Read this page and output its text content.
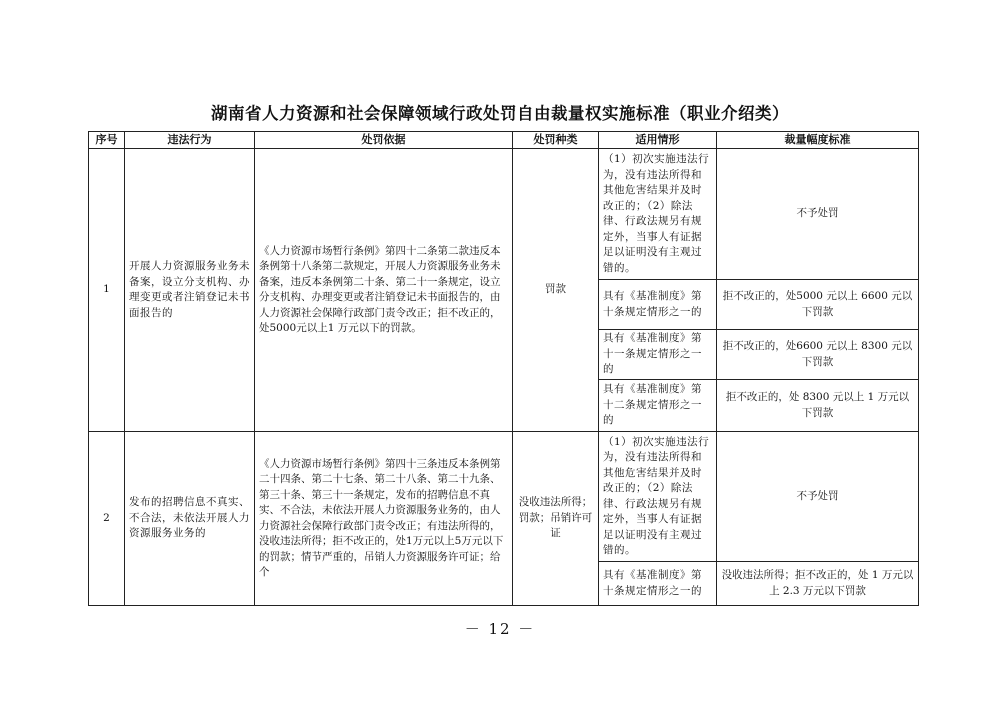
湖南省人力资源和社会保障领域行政处罚自由裁量权实施标准（职业介绍类）
序号	违法行为	处罚依据	处罚种类	适用情形	裁量幅度标准
1	开展人力资源服务业务未备案，设立分支机构、办理变更或者注销登记未书面报告的	《人力资源市场暂行条例》第四十二条第二款违反本条例第十八条第二款规定，开展人力资源服务业务未备案，违反本条例第二十条、第二十一条规定，设立分支机构、办理变更或者注销登记未书面报告的，由人力资源社会保障行政部门责令改正；拒不改正的，处5000元以上1 万元以下的罚款。	罚款	（1）初次实施违法行为，没有违法所得和其他危害结果并及时改正的；（2）除法律、行政法规另有规定外，当事人有证据足以证明没有主观过错的。	不予处罚
				具有《基准制度》第十条规定情形之一的	拒不改正的，处5000 元以上 6600 元以下罚款
				具有《基准制度》第十一条规定情形之一的	拒不改正的，处6600 元以上 8300 元以下罚款
				具有《基准制度》第十二条规定情形之一的	拒不改正的，处 8300 元以上 1 万元以下罚款
2	发布的招聘信息不真实、不合法，未依法开展人力资源服务业务的	《人力资源市场暂行条例》第四十三条违反本条例第二十四条、第二十七条、第二十八条、第二十九条、第三十条、第三十一条规定，发布的招聘信息不真实、不合法，未依法开展人力资源服务业务的，由人力资源社会保障行政部门责令改正；有违法所得的，没收违法所得；拒不改正的，处1万元以上5万元以下的罚款；情节严重的，吊销人力资源服务许可证；给个	没收违法所得；罚款；吊销许可证	（1）初次实施违法行为，没有违法所得和其他危害结果并及时改正的；（2）除法律、行政法规另有规定外，当事人有证据足以证明没有主观过错的。	不予处罚
				具有《基准制度》第十条规定情形之一的	没收违法所得；拒不改正的，处 1 万元以上 2.3 万元以下罚款
－ 12 －
